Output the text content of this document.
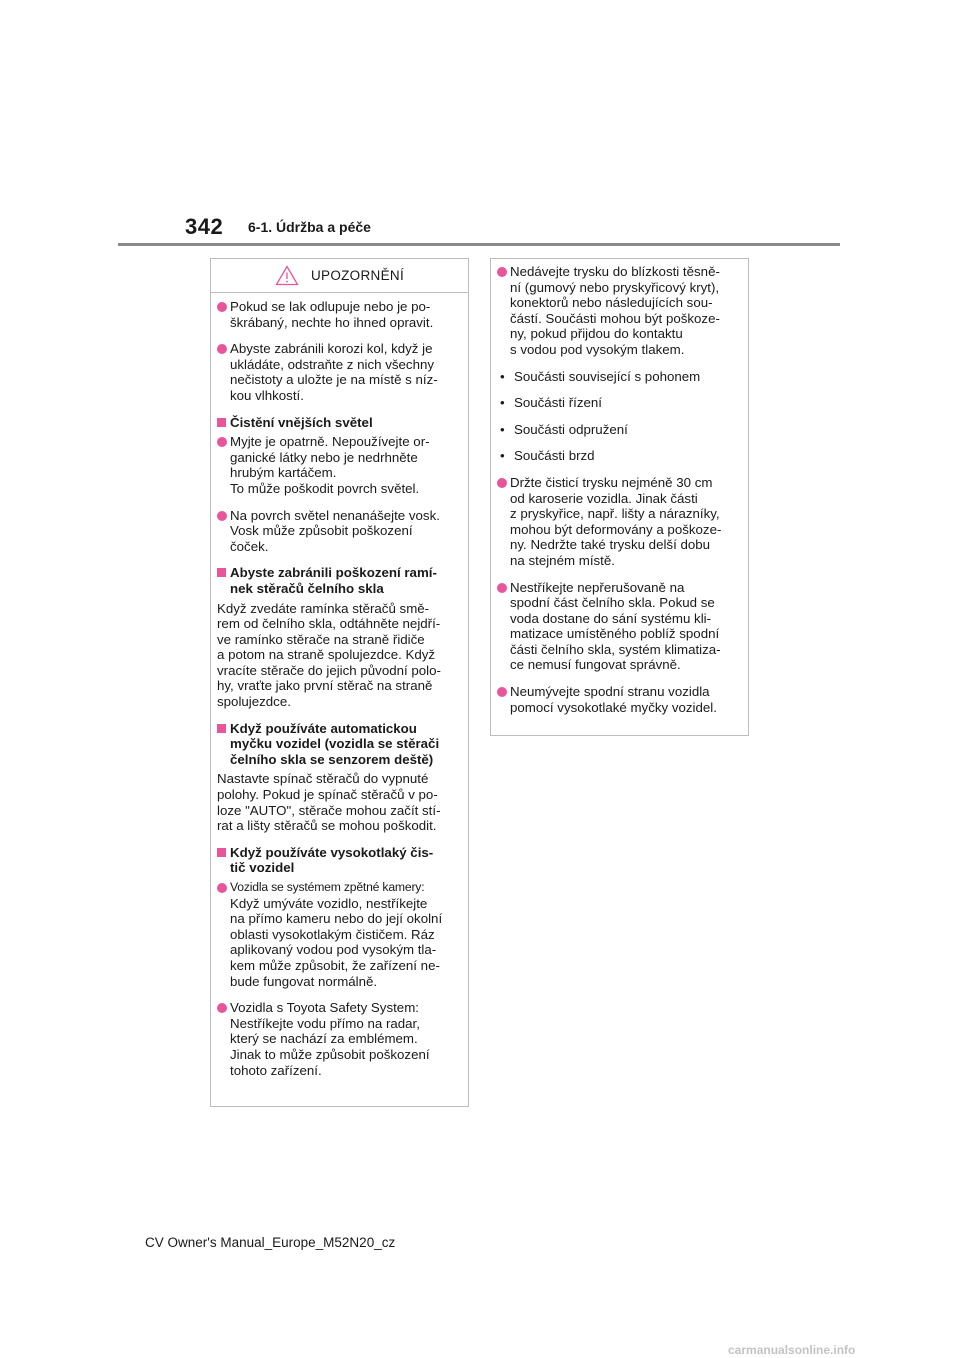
342 6-1. Údržba a péče
UPOZORNĚNÍ
Pokud se lak odlupuje nebo je po-
škrábaný, nechte ho ihned opravit.
Abyste zabránili korozi kol, když je
ukládáte, odstraňte z nich všechny
nečistoty a uložte je na místě s níz-
kou vlhkostí.
Čistění vnějších světel
Myjte je opatrně. Nepoužívejte or-
ganické látky nebo je nedrhněte
hrubým kartáčem.
To může poškodit povrch světel.
Na povrch světel nenanášejte vosk.
Vosk může způsobit poškození
čoček.
Abyste zabránili poškození ramí-
nek stěračů čelního skla
Když zvedáte ramínka stěračů smě-
rem od čelního skla, odtáhněte nejdří-
ve ramínko stěrače na straně řidiče
a potom na straně spolujezdce. Když
vracíte stěrače do jejich původní polo-
hy, vraťte jako první stěrač na straně
spolujezdce.
Když používáte automatickou
myčku vozidel (vozidla se stěrači
čelního skla se senzorem deště)
Nastavte spínač stěračů do vypnuté
polohy. Pokud je spínač stěračů v po-
loze "AUTO", stěrače mohou začít stí-
rat a lišty stěračů se mohou poškodit.
Když používáte vysokotlaký čis-
tič vozidel
Vozidla se systémem zpětné kamery:
Když umýváte vozidlo, nestříkejte
na přímo kameru nebo do její okolní
oblasti vysokotlakým čističem. Ráz
aplikovaný vodou pod vysokým tla-
kem může způsobit, že zařízení ne-
bude fungovat normálně.
Vozidla s Toyota Safety System:
Nestříkejte vodu přímo na radar,
který se nachází za emblémem.
Jinak to může způsobit poškození
tohoto zařízení.
Nedávejte trysku do blízkosti těsně-
ní (gumový nebo pryskyřicový kryt),
konektorů nebo následujících sou-
částí. Součásti mohou být poškoze-
ny, pokud přijdou do kontaktu
s vodou pod vysokým tlakem.
• Součásti související s pohonem
• Součásti řízení
• Součásti odpružení
• Součásti brzd
Držte čisticí trysku nejméně 30 cm
od karoserie vozidla. Jinak části
z pryskyřice, např. lišty a nárazníky,
mohou být deformovány a poškoze-
ny. Nedržte také trysku delší dobu
na stejném místě.
Nestříkejte nepřerušovaně na
spodní část čelního skla. Pokud se
voda dostane do sání systému kli-
matizace umístěného poblíž spodní
části čelního skla, systém klimatiza-
ce nemusí fungovat správně.
Neumývejte spodní stranu vozidla
pomocí vysokotlaké myčky vozidel.
CV Owner's Manual_Europe_M52N20_cz
carmanualsonline.info
